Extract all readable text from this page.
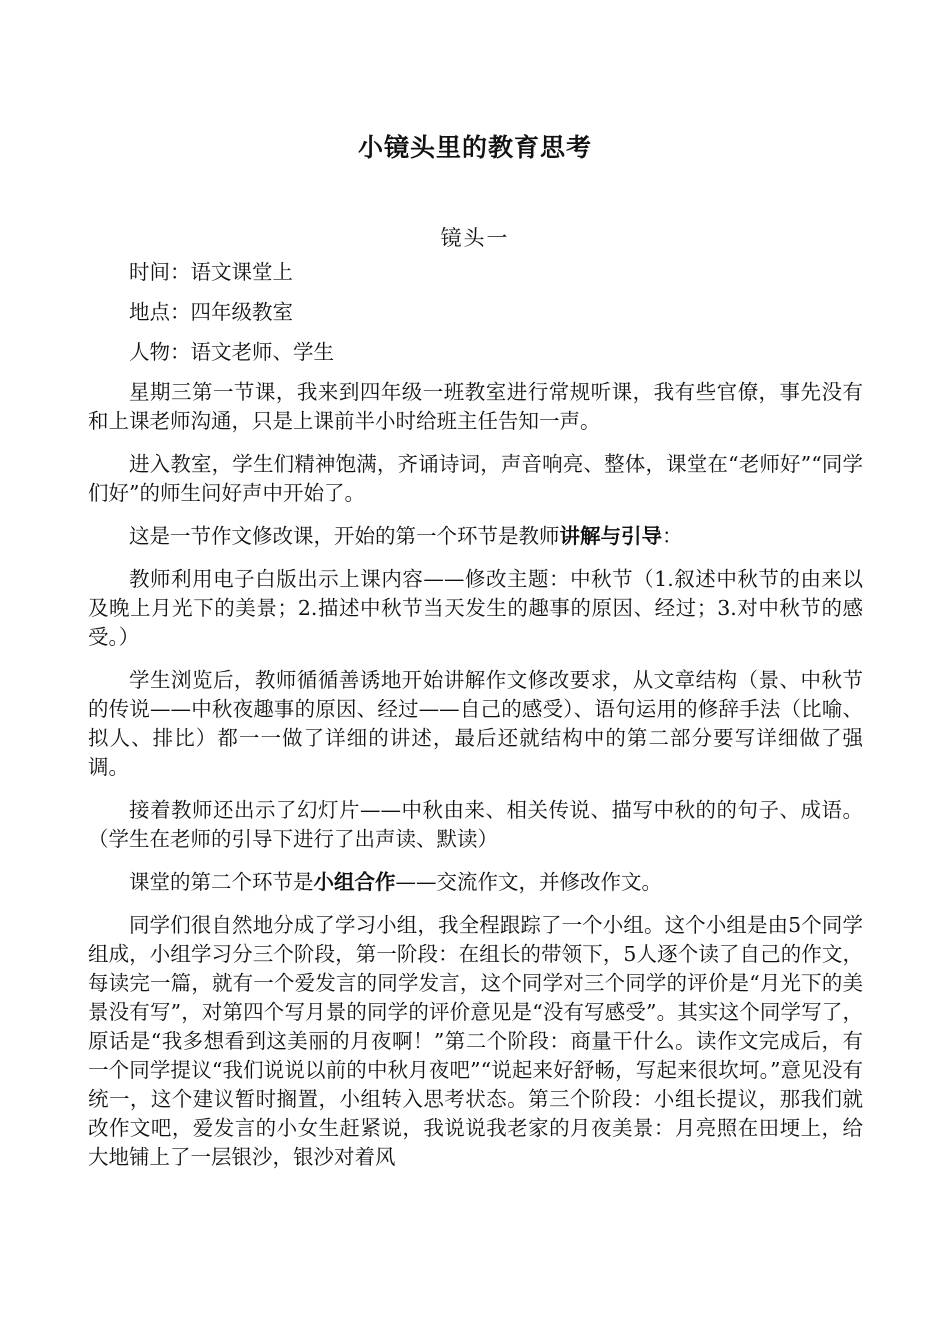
小镜头里的教育思考
镜头一

时间：语文课堂上

地点：四年级教室

人物：语文老师、学生

星期三第一节课，我来到四年级一班教室进行常规听课，我有些官僚，事先没有和上课老师沟通，只是上课前半小时给班主任告知一声。

进入教室，学生们精神饱满，齐诵诗词，声音响亮、整体，课堂在“老师好”“同学们好”的师生问好声中开始了。

这是一节作文修改课，开始的第一个环节是教师讲解与引导：

教师利用电子白版出示上课内容——修改主题：中秋节（1.叙述中秋节的由来以及晚上月光下的美景；2.描述中秋节当天发生的趣事的原因、经过；3.对中秋节的感受。）

学生浏览后，教师循循善诱地开始讲解作文修改要求，从文章结构（景、中秋节的传说——中秋夜趣事的原因、经过——自己的感受）、语句运用的修辞手法（比喻、拟人、排比）都一一做了详细的讲述，最后还就结构中的第二部分要写详细做了强调。

接着教师还出示了幻灯片——中秋由来、相关传说、描写中秋的的句子、成语。（学生在老师的引导下进行了出声读、默读）

课堂的第二个环节是小组合作——交流作文，并修改作文。

同学们很自然地分成了学习小组，我全程跟踪了一个小组。这个小组是由5个同学组成，小组学习分三个阶段，第一阶段：在组长的带领下，5人逐个读了自己的作文，每读完一篇，就有一个爱发言的同学发言，这个同学对三个同学的评价是“月光下的美景没有写”，对第四个写月景的同学的评价意见是“没有写感受”。其实这个同学写了，原话是“我多想看到这美丽的月夜啊！”第二个阶段：商量干什么。读作文完成后，有一个同学提议“我们说说以前的中秋月夜吧”“说起来好舒畅，写起来很坎坷。”意见没有统一，这个建议暂时搁置，小组转入思考状态。第三个阶段：小组长提议，那我们就改作文吧，爱发言的小女生赶紧说，我说说我老家的月夜美景：月亮照在田埂上，给大地铺上了一层银沙，银沙对着风
